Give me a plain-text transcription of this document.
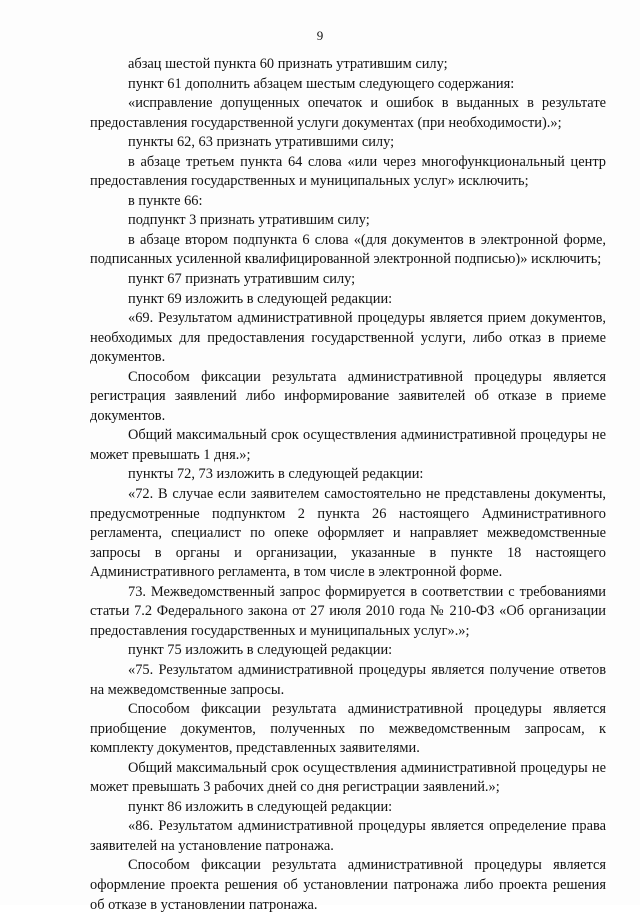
9

абзац шестой пункта 60 признать утратившим силу;

пункт 61 дополнить абзацем шестым следующего содержания:

«исправление допущенных опечаток и ошибок в выданных в результате предоставления государственной услуги документах (при необходимости).»;

пункты 62, 63 признать утратившими силу;

в абзаце третьем пункта 64 слова «или через многофункциональный центр предоставления государственных и муниципальных услуг» исключить;

в пункте 66:

подпункт 3 признать утратившим силу;

в абзаце втором подпункта 6 слова «(для документов в электронной форме, подписанных усиленной квалифицированной электронной подписью)» исключить;

пункт 67 признать утратившим силу;

пункт 69 изложить в следующей редакции:

«69. Результатом административной процедуры является прием документов, необходимых для предоставления государственной услуги, либо отказ в приеме документов.

Способом фиксации результата административной процедуры является регистрация заявлений либо информирование заявителей об отказе в приеме документов.

Общий максимальный срок осуществления административной процедуры не может превышать 1 дня.»;

пункты 72, 73 изложить в следующей редакции:

«72. В случае если заявителем самостоятельно не представлены документы, предусмотренные подпунктом 2 пункта 26 настоящего Административного регламента, специалист по опеке оформляет и направляет межведомственные запросы в органы и организации, указанные в пункте 18 настоящего Административного регламента, в том числе в электронной форме.

73. Межведомственный запрос формируется в соответствии с требованиями статьи 7.2 Федерального закона от 27 июля 2010 года № 210-ФЗ «Об организации предоставления государственных и муниципальных услуг».»;

пункт 75 изложить в следующей редакции:

«75. Результатом административной процедуры является получение ответов на межведомственные запросы.

Способом фиксации результата административной процедуры является приобщение документов, полученных по межведомственным запросам, к комплекту документов, представленных заявителями.

Общий максимальный срок осуществления административной процедуры не может превышать 3 рабочих дней со дня регистрации заявлений.»;

пункт 86 изложить в следующей редакции:

«86. Результатом административной процедуры является определение права заявителей на установление патронажа.

Способом фиксации результата административной процедуры является оформление проекта решения об установлении патронажа либо проекта решения об отказе в установлении патронажа.
